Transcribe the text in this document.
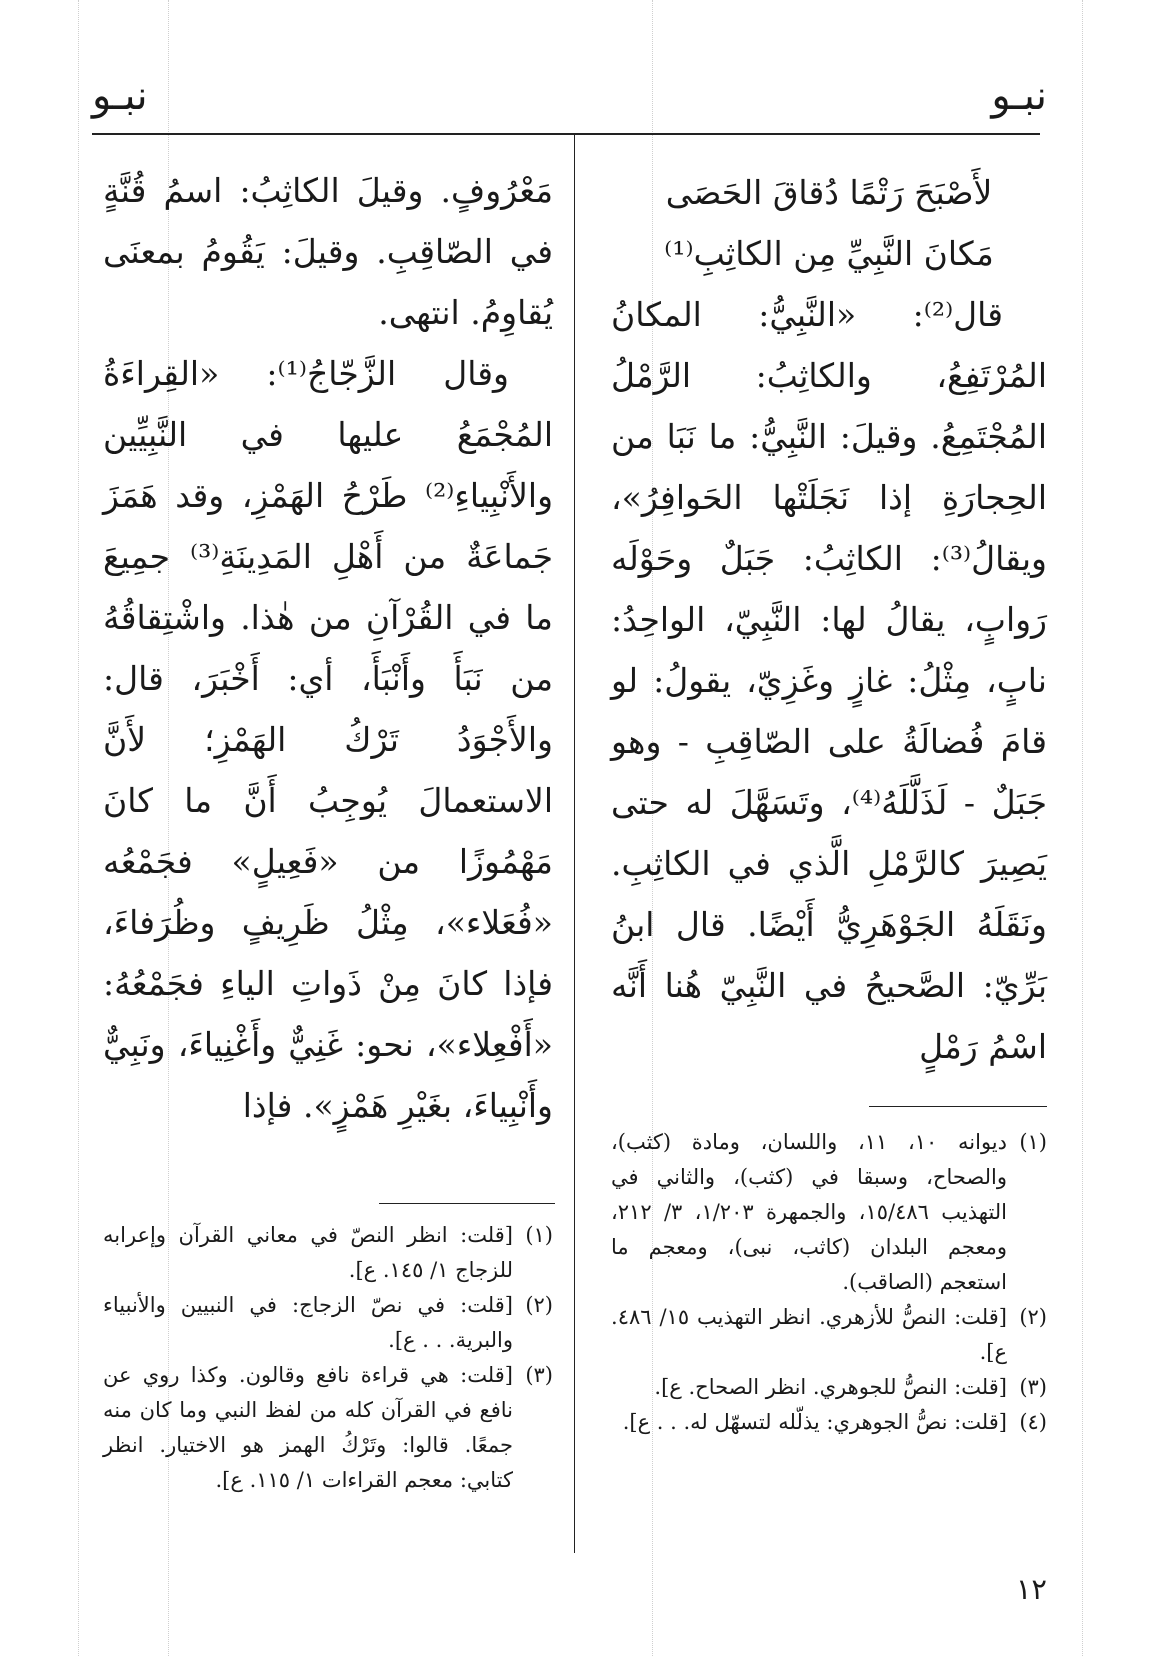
نبـو
نبـو

لأَصْبَحَ رَتْمًا دُقاقَ الحَصَى

مَكانَ النَّبِيِّ مِن الكاثِبِ⁽¹⁾

قال⁽²⁾: «النَّبِيُّ: المكانُ المُرْتَفِعُ، والكاثِبُ: الرَّمْلُ المُجْتَمِعُ. وقيلَ: النَّبِيُّ: ما نَبَا من الحِجارَةِ إذا نَجَلَتْها الحَوافِرُ»، ويقالُ⁽³⁾: الكاثِبُ: جَبَلٌ وحَوْلَه رَوابٍ، يقالُ لها: النَّبِيّ، الواحِدُ: نابٍ، مِثْلُ: غازٍ وغَزِيّ، يقولُ: لو قامَ فُضالَةُ على الصّاقِبِ - وهو جَبَلٌ - لَذَلَّلَهُ⁽⁴⁾، وتَسَهَّلَ له حتى يَصِيرَ كالرَّمْلِ الَّذي في الكاثِبِ. ونَقَلَهُ الجَوْهَرِيُّ أَيْضًا. قال ابنُ بَرِّيّ: الصَّحيحُ في النَّبِيّ هُنا أَنَّه اسْمُ رَمْلٍ

مَعْرُوفٍ. وقيلَ الكاثِبُ: اسمُ قُنَّةٍ في الصّاقِبِ. وقيلَ: يَقُومُ بمعنَى يُقاوِمُ. انتهى.

وقال الزَّجّاجُ⁽¹⁾: «القِراءَةُ المُجْمَعُ عليها في النَّبِيِّين والأَنْبِياءِ⁽²⁾ طَرْحُ الهَمْزِ، وقد هَمَزَ جَماعَةٌ من أَهْلِ المَدِينَةِ⁽³⁾ جمِيعَ ما في القُرْآنِ من هٰذا. واشْتِقاقُهُ من نَبَأَ وأَنْبَأَ، أي: أَخْبَرَ، قال: والأَجْوَدُ تَرْكُ الهَمْزِ؛ لأَنَّ الاستعمالَ يُوجِبُ أَنَّ ما كانَ مَهْمُوزًا من «فَعِيلٍ» فجَمْعُه «فُعَلاء»، مِثْلُ ظَرِيفٍ وظُرَفاءَ، فإذا كانَ مِنْ ذَواتِ الياءِ فجَمْعُهُ: «أَفْعِلاء»، نحو: غَنِيٌّ وأَغْنِياءَ، ونَبِيٌّ وأَنْبِياءَ، بغَيْرِ هَمْزٍ». فإذا

(١)
ديوانه ١٠، ١١، واللسان، ومادة (كثب)، والصحاح، وسبقا في (كثب)، والثاني في التهذيب ١٥/٤٨٦، والجمهرة ١/٢٠٣، ٣/ ٢١٢، ومعجم البلدان (كاثب، نبى)، ومعجم ما استعجم (الصاقب).
(٢)
[قلت: النصُّ للأزهري. انظر التهذيب ١٥/ ٤٨٦. ع].
(٣)
[قلت: النصُّ للجوهري. انظر الصحاح. ع].
(٤)
[قلت: نصُّ الجوهري: يذلّله لتسهّل له. . . ع].
(١)
[قلت: انظر النصّ في معاني القرآن وإعرابه للزجاج ١/ ١٤٥. ع].
(٢)
[قلت: في نصّ الزجاج: في النبيين والأنبياء والبرية. . . ع].
(٣)
[قلت: هي قراءة نافع وقالون. وكذا روي عن نافع في القرآن كله من لفظ النبي وما كان منه جمعًا. قالوا: وتَرْكُ الهمز هو الاختيار. انظر كتابي: معجم القراءات ١/ ١١٥. ع].
١٢
